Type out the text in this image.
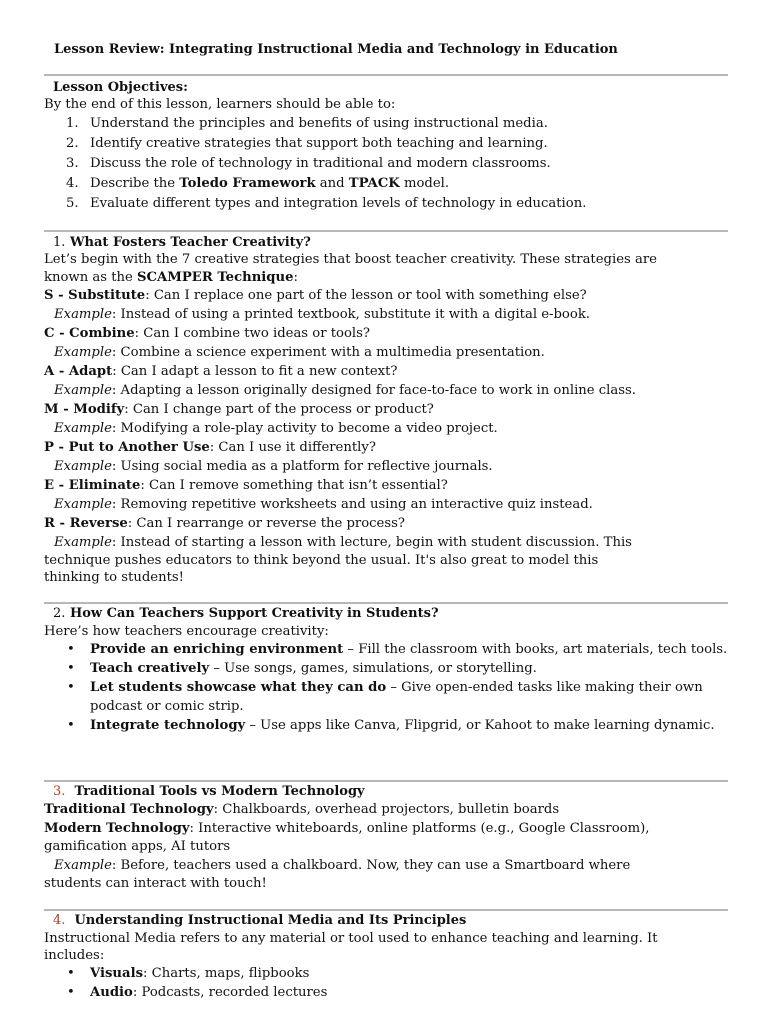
Lesson Review: Integrating Instructional Media and Technology in Education
Lesson Objectives:
By the end of this lesson, learners should be able to:
1. Understand the principles and benefits of using instructional media.
2. Identify creative strategies that support both teaching and learning.
3. Discuss the role of technology in traditional and modern classrooms.
4. Describe the Toledo Framework and TPACK model.
5. Evaluate different types and integration levels of technology in education.
1. What Fosters Teacher Creativity?
Let’s begin with the 7 creative strategies that boost teacher creativity. These strategies are
known as the SCAMPER Technique:
S - Substitute: Can I replace one part of the lesson or tool with something else?
Example: Instead of using a printed textbook, substitute it with a digital e-book.
C - Combine: Can I combine two ideas or tools?
Example: Combine a science experiment with a multimedia presentation.
A - Adapt: Can I adapt a lesson to fit a new context?
Example: Adapting a lesson originally designed for face-to-face to work in online class.
M - Modify: Can I change part of the process or product?
Example: Modifying a role-play activity to become a video project.
P - Put to Another Use: Can I use it differently?
Example: Using social media as a platform for reflective journals.
E - Eliminate: Can I remove something that isn’t essential?
Example: Removing repetitive worksheets and using an interactive quiz instead.
R - Reverse: Can I rearrange or reverse the process?
Example: Instead of starting a lesson with lecture, begin with student discussion. This
technique pushes educators to think beyond the usual. It's also great to model this
thinking to students!
2. How Can Teachers Support Creativity in Students?
Here’s how teachers encourage creativity:
• Provide an enriching environment – Fill the classroom with books, art materials, tech tools.
• Teach creatively – Use songs, games, simulations, or storytelling.
• Let students showcase what they can do – Give open-ended tasks like making their own podcast or comic strip.
• Integrate technology – Use apps like Canva, Flipgrid, or Kahoot to make learning dynamic.
3. Traditional Tools vs Modern Technology
Traditional Technology: Chalkboards, overhead projectors, bulletin boards
Modern Technology: Interactive whiteboards, online platforms (e.g., Google Classroom),
gamification apps, AI tutors
Example: Before, teachers used a chalkboard. Now, they can use a Smartboard where
students can interact with touch!
4. Understanding Instructional Media and Its Principles
Instructional Media refers to any material or tool used to enhance teaching and learning. It
includes:
• Visuals: Charts, maps, flipbooks
• Audio: Podcasts, recorded lectures
